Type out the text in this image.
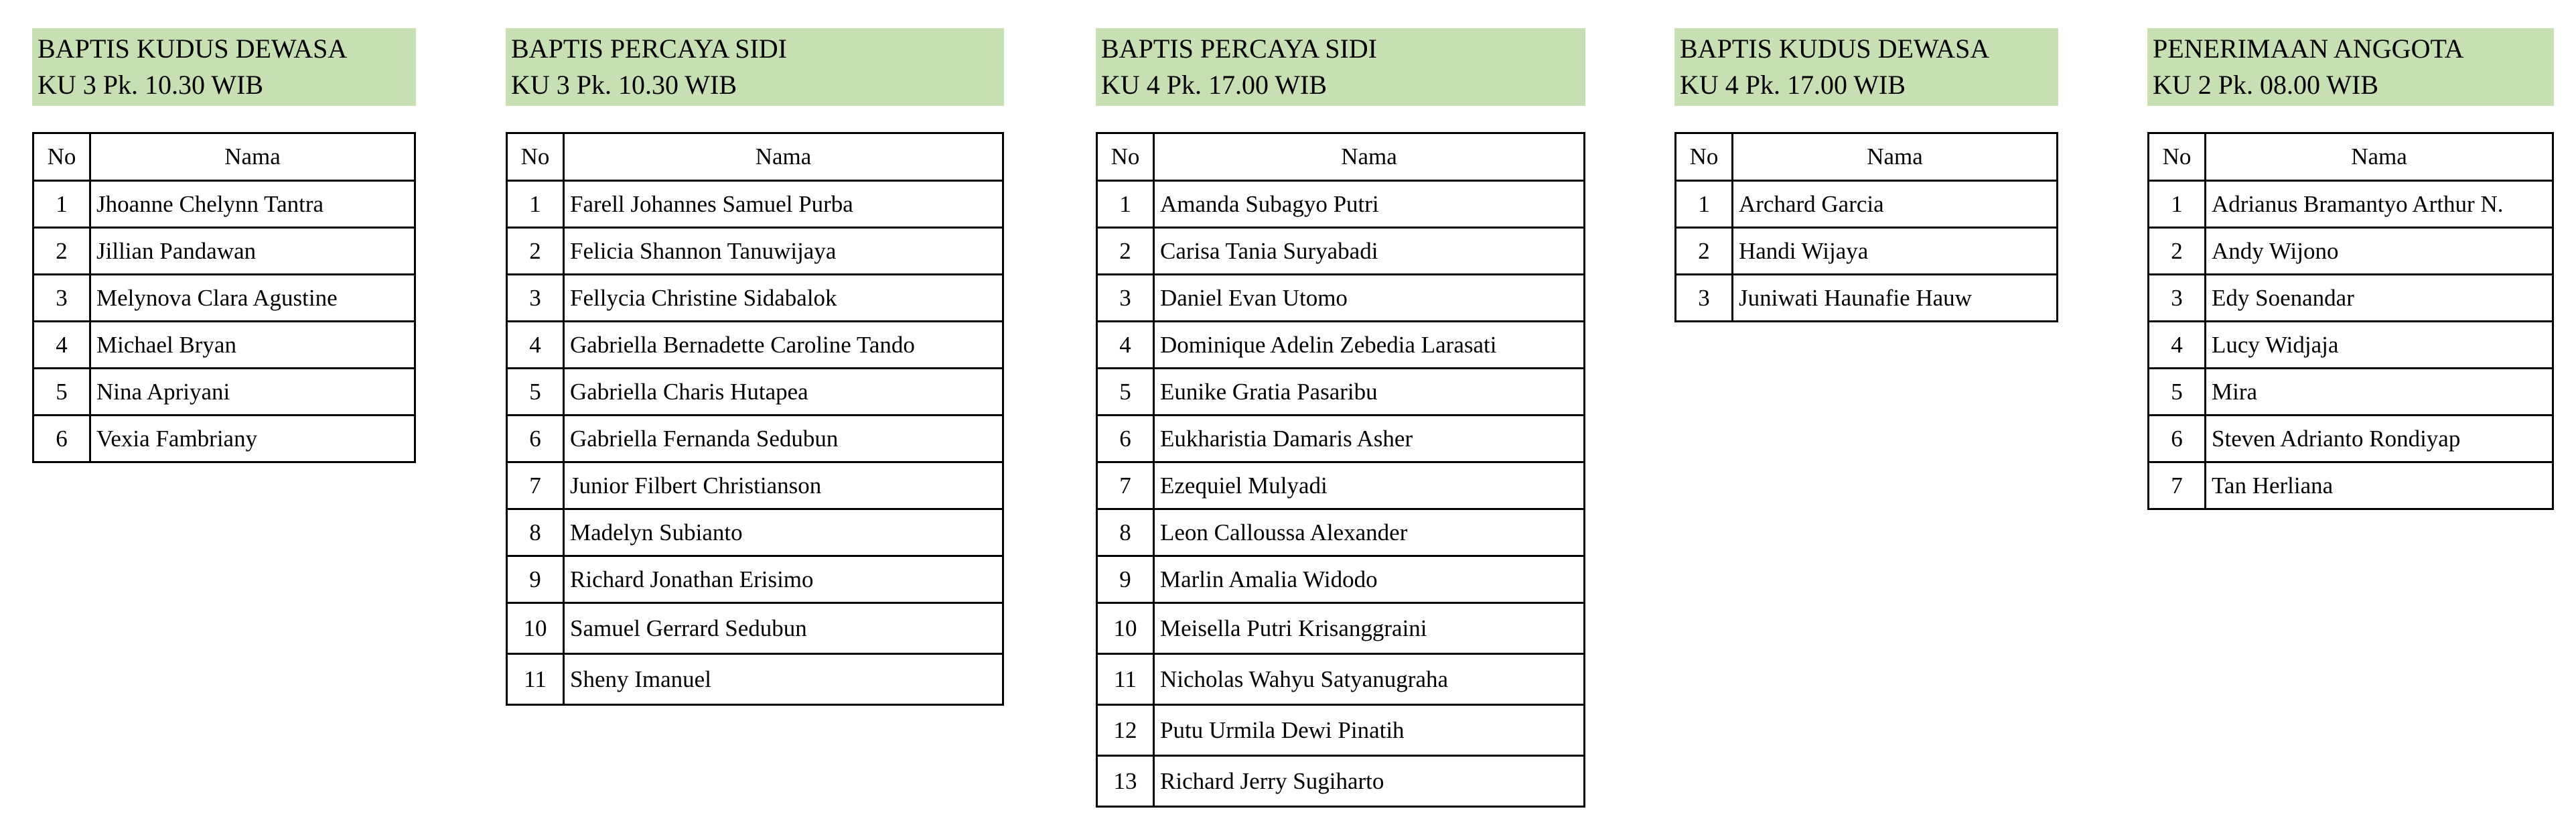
BAPTIS KUDUS DEWASA
KU 3 Pk. 10.30 WIB
No	Nama
1	Jhoanne Chelynn Tantra
2	Jillian Pandawan
3	Melynova Clara Agustine
4	Michael Bryan
5	Nina Apriyani
6	Vexia Fambriany
BAPTIS PERCAYA SIDI
KU 3 Pk. 10.30 WIB
No	Nama
1	Farell Johannes Samuel Purba
2	Felicia Shannon Tanuwijaya
3	Fellycia Christine Sidabalok
4	Gabriella Bernadette Caroline Tando
5	Gabriella Charis Hutapea
6	Gabriella Fernanda Sedubun
7	Junior Filbert Christianson
8	Madelyn Subianto
9	Richard Jonathan Erisimo
10	Samuel Gerrard Sedubun
11	Sheny Imanuel
BAPTIS PERCAYA SIDI
KU 4 Pk. 17.00 WIB
No	Nama
1	Amanda Subagyo Putri
2	Carisa Tania Suryabadi
3	Daniel Evan Utomo
4	Dominique Adelin Zebedia Larasati
5	Eunike Gratia Pasaribu
6	Eukharistia Damaris Asher
7	Ezequiel Mulyadi
8	Leon Calloussa Alexander
9	Marlin Amalia Widodo
10	Meisella Putri Krisanggraini
11	Nicholas Wahyu Satyanugraha
12	Putu Urmila Dewi Pinatih
13	Richard Jerry Sugiharto
BAPTIS KUDUS DEWASA
KU 4 Pk. 17.00 WIB
No	Nama
1	Archard Garcia
2	Handi Wijaya
3	Juniwati Haunafie Hauw
PENERIMAAN ANGGOTA
KU 2 Pk. 08.00 WIB
No	Nama
1	Adrianus Bramantyo Arthur N.
2	Andy Wijono
3	Edy Soenandar
4	Lucy Widjaja
5	Mira
6	Steven Adrianto Rondiyap
7	Tan Herliana
